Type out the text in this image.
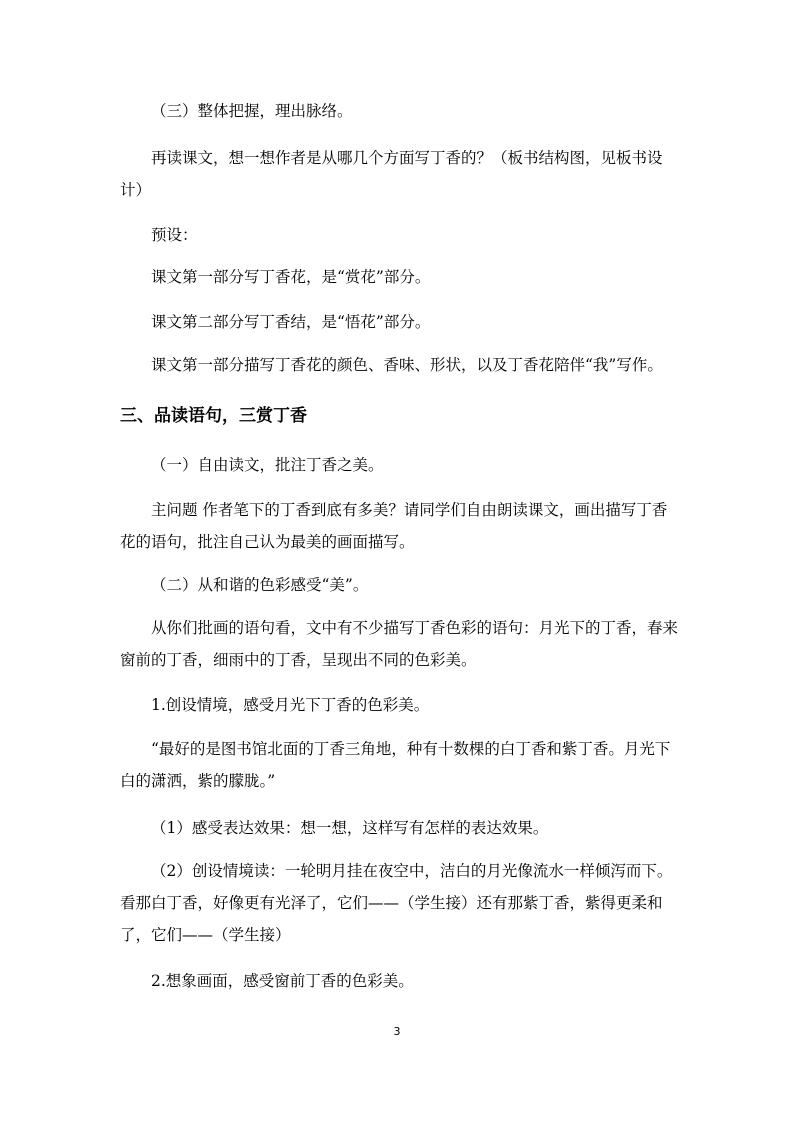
（三）整体把握，理出脉络。

再读课文，想一想作者是从哪几个方面写丁香的？（板书结构图，见板书设计）

预设：

课文第一部分写丁香花，是“赏花”部分。

课文第二部分写丁香结，是“悟花”部分。

课文第一部分描写丁香花的颜色、香味、形状，以及丁香花陪伴“我”写作。

三、品读语句，三赏丁香

（一）自由读文，批注丁香之美。

主问题 作者笔下的丁香到底有多美？请同学们自由朗读课文，画出描写丁香花的语句，批注自己认为最美的画面描写。

（二）从和谐的色彩感受“美”。

从你们批画的语句看，文中有不少描写丁香色彩的语句：月光下的丁香，春来窗前的丁香，细雨中的丁香，呈现出不同的色彩美。

1.创设情境，感受月光下丁香的色彩美。

“最好的是图书馆北面的丁香三角地，种有十数棵的白丁香和紫丁香。月光下白的潇洒，紫的朦胧。”

（1）感受表达效果：想一想，这样写有怎样的表达效果。

（2）创设情境读：一轮明月挂在夜空中，洁白的月光像流水一样倾泻而下。看那白丁香，好像更有光泽了，它们——（学生接）还有那紫丁香，紫得更柔和了，它们——（学生接）

2.想象画面，感受窗前丁香的色彩美。

3
